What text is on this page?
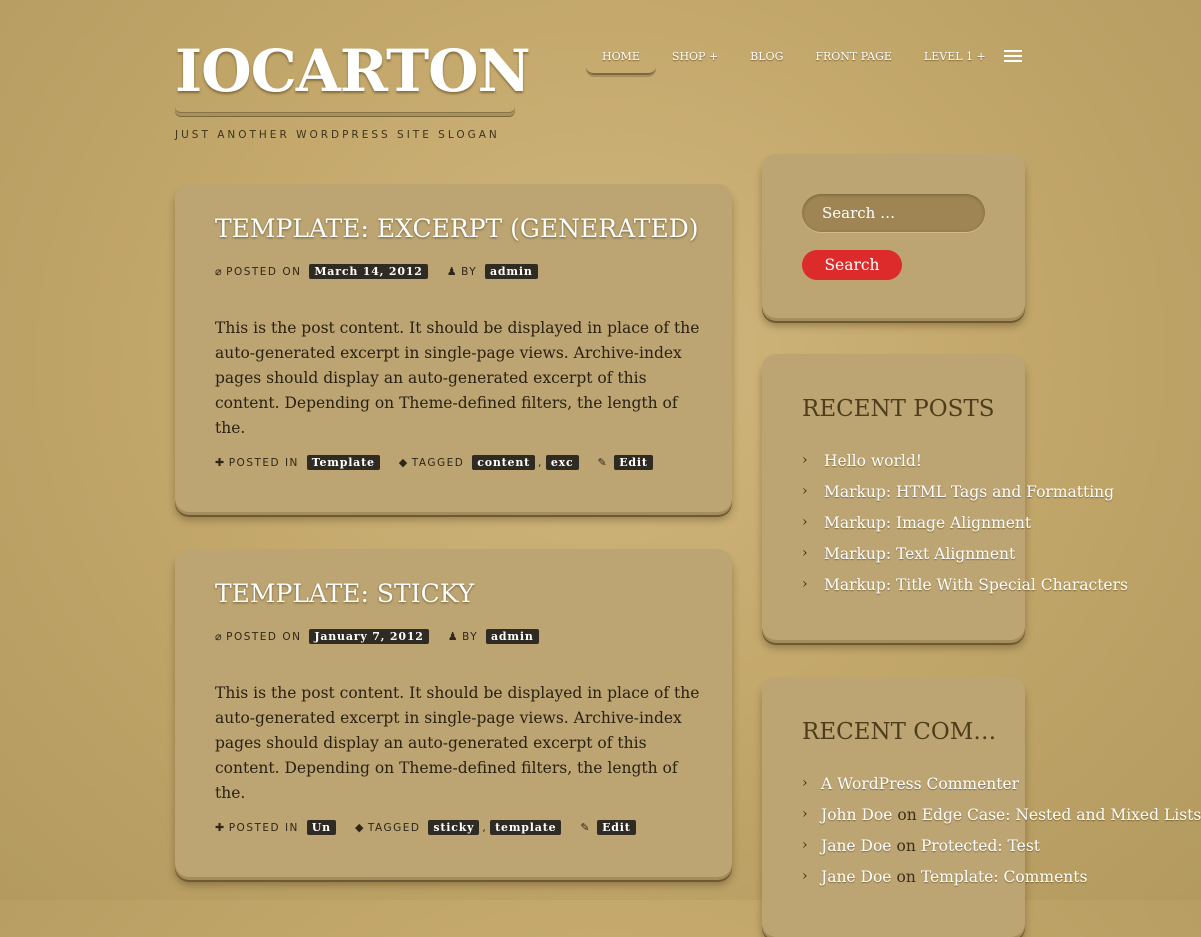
IOCARTON
JUST ANOTHER WORDPRESS SITE SLOGAN
HOME	SHOP +	BLOG	FRONT PAGE	LEVEL 1 +
TEMPLATE: EXCERPT (GENERATED)
⌀ POSTED ON
	March 14, 2012	♟ BY
	admin
This is the post content. It should be displayed in place of the auto-generated excerpt in single-page views. Archive-index pages should display an auto-generated excerpt of this content. Depending on Theme-defined filters, the length of the.
✚ POSTED IN
	Template	◆ TAGGED
	content , exc	✎	Edit
TEMPLATE: STICKY
⌀ POSTED ON
	January 7, 2012	♟ BY
	admin
This is the post content. It should be displayed in place of the auto-generated excerpt in single-page views. Archive-index pages should display an auto-generated excerpt of this content. Depending on Theme-defined filters, the length of the.
✚ POSTED IN
	Un	◆ TAGGED
	sticky , template	✎	Edit
Search …
Search
RECENT POSTS
›	Hello world!
›	Markup: HTML Tags and Formatting
›	Markup: Image Alignment
›	Markup: Text Alignment
›	Markup: Title With Special Characters
RECENT COM…
› A WordPress Commenter
› John Doe on Edge Case: Nested and Mixed Lists
› Jane Doe on Protected: Test
› Jane Doe on Template: Comments
